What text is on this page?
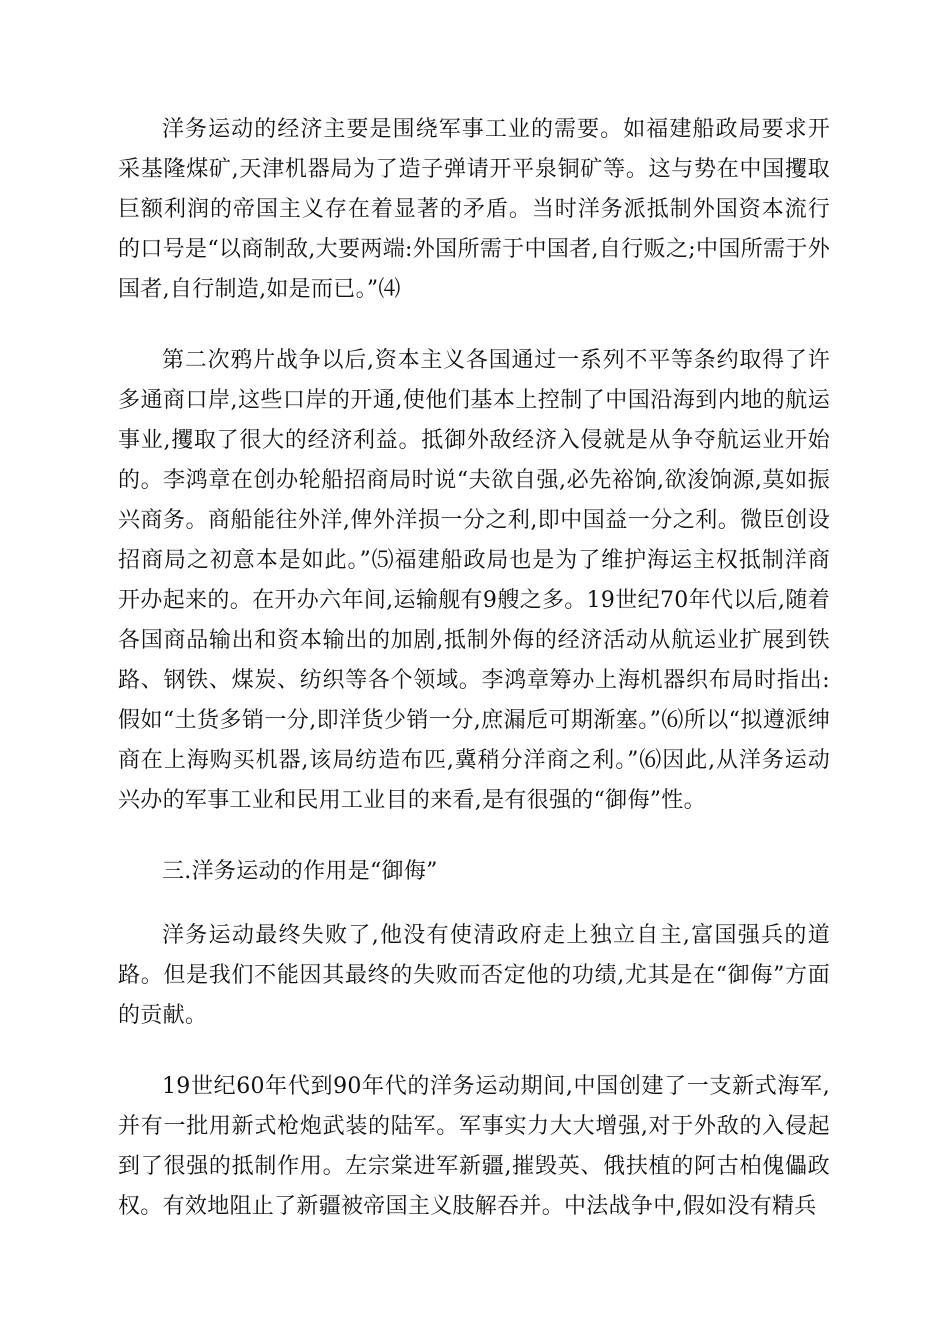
洋务运动的经济主要是围绕军事工业的需要。如福建船政局要求开采基隆煤矿,天津机器局为了造子弹请开平泉铜矿等。这与势在中国攫取巨额利润的帝国主义存在着显著的矛盾。当时洋务派抵制外国资本流行的口号是“以商制敌,大要两端:外国所需于中国者,自行贩之;中国所需于外国者,自行制造,如是而已。”⑷

第二次鸦片战争以后,资本主义各国通过一系列不平等条约取得了许多通商口岸,这些口岸的开通,使他们基本上控制了中国沿海到内地的航运事业,攫取了很大的经济利益。抵御外敌经济入侵就是从争夺航运业开始的。李鸿章在创办轮船招商局时说“夫欲自强,必先裕饷,欲浚饷源,莫如振兴商务。商船能往外洋,俾外洋损一分之利,即中国益一分之利。微臣创设招商局之初意本是如此。”⑸福建船政局也是为了维护海运主权抵制洋商开办起来的。在开办六年间,运输舰有9艘之多。19世纪70年代以后,随着各国商品输出和资本输出的加剧,抵制外侮的经济活动从航运业扩展到铁路、钢铁、煤炭、纺织等各个领域。李鸿章筹办上海机器织布局时指出:假如“土货多销一分,即洋货少销一分,庶漏卮可期渐塞。”⑹所以“拟遵派绅商在上海购买机器,该局纺造布匹,冀稍分洋商之利。”⑹因此,从洋务运动兴办的军事工业和民用工业目的来看,是有很强的“御侮”性。

三.洋务运动的作用是“御侮”

洋务运动最终失败了,他没有使清政府走上独立自主,富国强兵的道路。但是我们不能因其最终的失败而否定他的功绩,尤其是在“御侮”方面的贡献。

19世纪60年代到90年代的洋务运动期间,中国创建了一支新式海军,并有一批用新式枪炮武装的陆军。军事实力大大增强,对于外敌的入侵起到了很强的抵制作用。左宗棠进军新疆,摧毁英、俄扶植的阿古柏傀儡政权。有效地阻止了新疆被帝国主义肢解吞并。中法战争中,假如没有精兵
